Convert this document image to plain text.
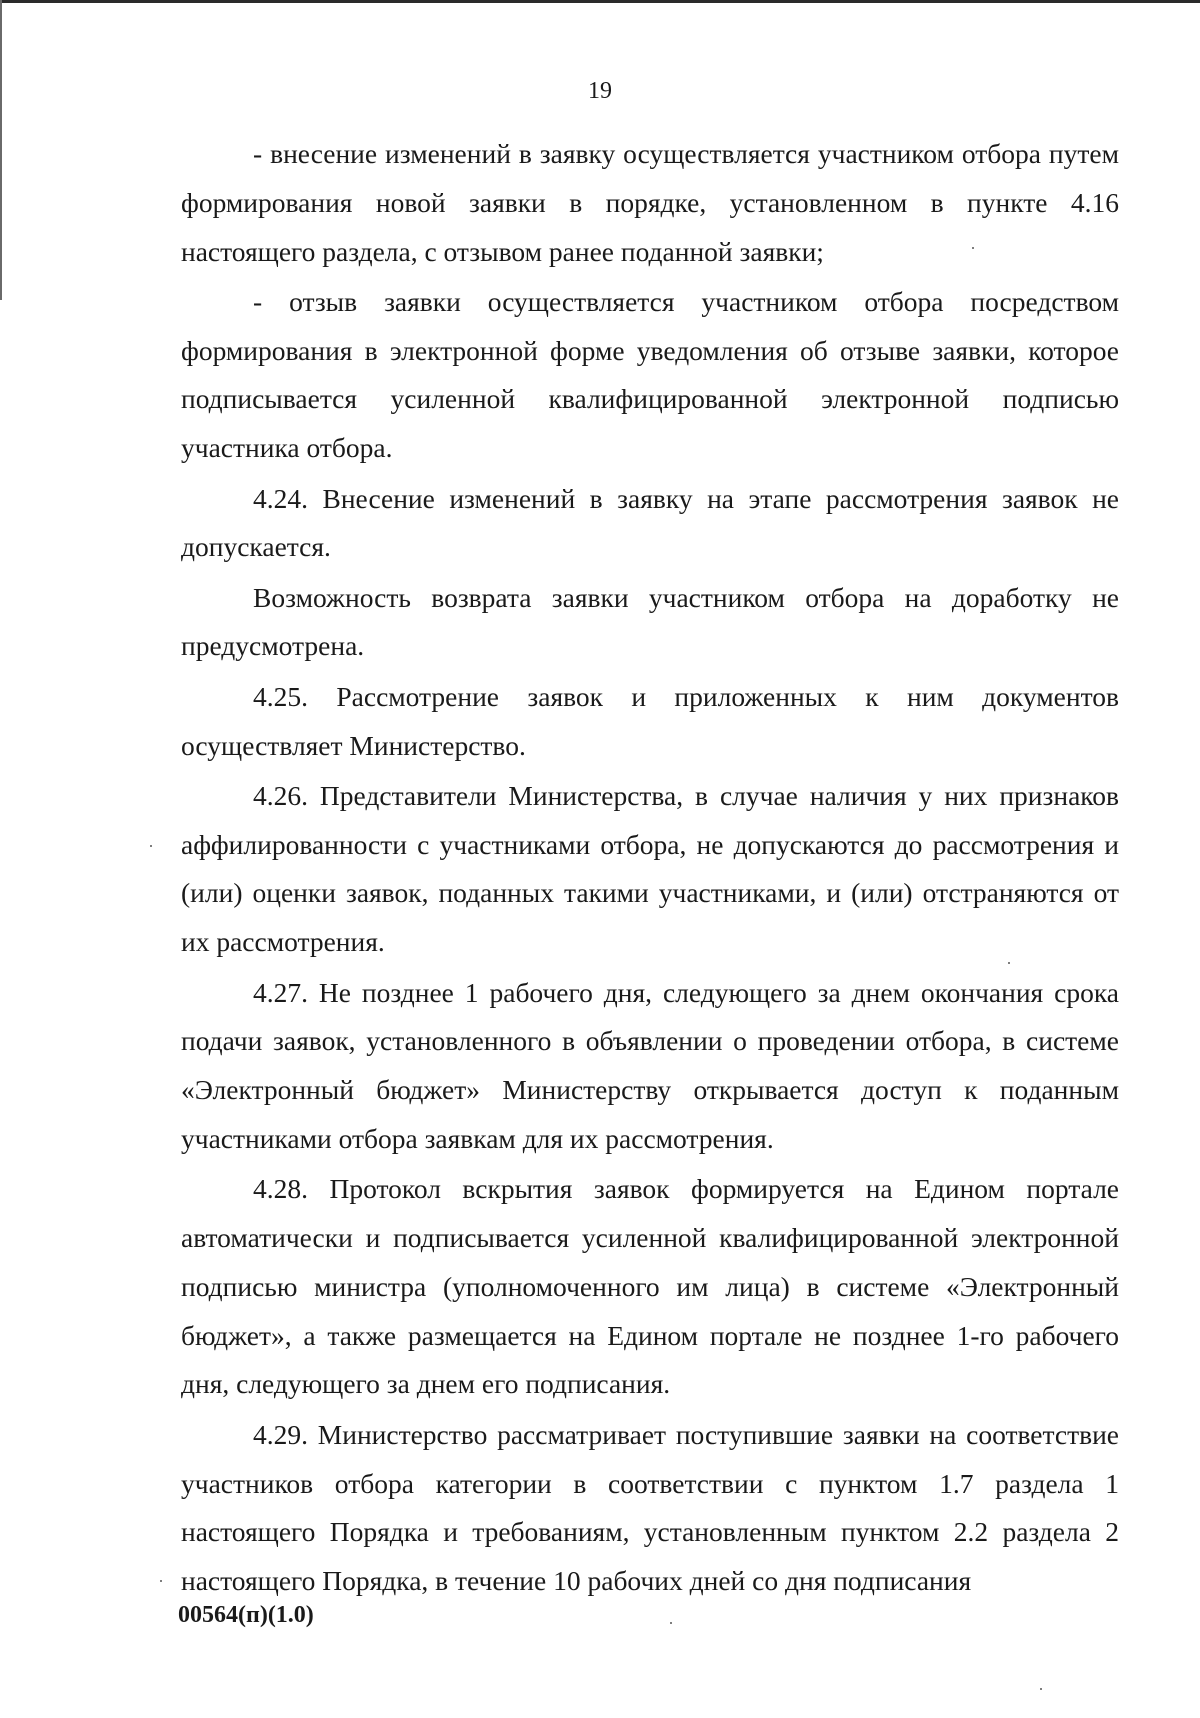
19

- внесение изменений в заявку осуществляется участником отбора путем формирования новой заявки в порядке, установленном в пункте 4.16 настоящего раздела, с отзывом ранее поданной заявки;

- отзыв заявки осуществляется участником отбора посредством формирования в электронной форме уведомления об отзыве заявки, которое подписывается усиленной квалифицированной электронной подписью участника отбора.

4.24. Внесение изменений в заявку на этапе рассмотрения заявок не допускается.

Возможность возврата заявки участником отбора на доработку не предусмотрена.

4.25. Рассмотрение заявок и приложенных к ним документов осуществляет Министерство.

4.26. Представители Министерства, в случае наличия у них признаков аффилированности с участниками отбора, не допускаются до рассмотрения и (или) оценки заявок, поданных такими участниками, и (или) отстраняются от их рассмотрения.

4.27. Не позднее 1 рабочего дня, следующего за днем окончания срока подачи заявок, установленного в объявлении о проведении отбора, в системе «Электронный бюджет» Министерству открывается доступ к поданным участниками отбора заявкам для их рассмотрения.

4.28. Протокол вскрытия заявок формируется на Едином портале автоматически и подписывается усиленной квалифицированной электронной подписью министра (уполномоченного им лица) в системе «Электронный бюджет», а также размещается на Едином портале не позднее 1-го рабочего дня, следующего за днем его подписания.

4.29. Министерство рассматривает поступившие заявки на соответствие участников отбора категории в соответствии с пунктом 1.7 раздела 1 настоящего Порядка и требованиям, установленным пунктом 2.2 раздела 2 настоящего Порядка, в течение 10 рабочих дней со дня подписания

00564(п)(1.0)
